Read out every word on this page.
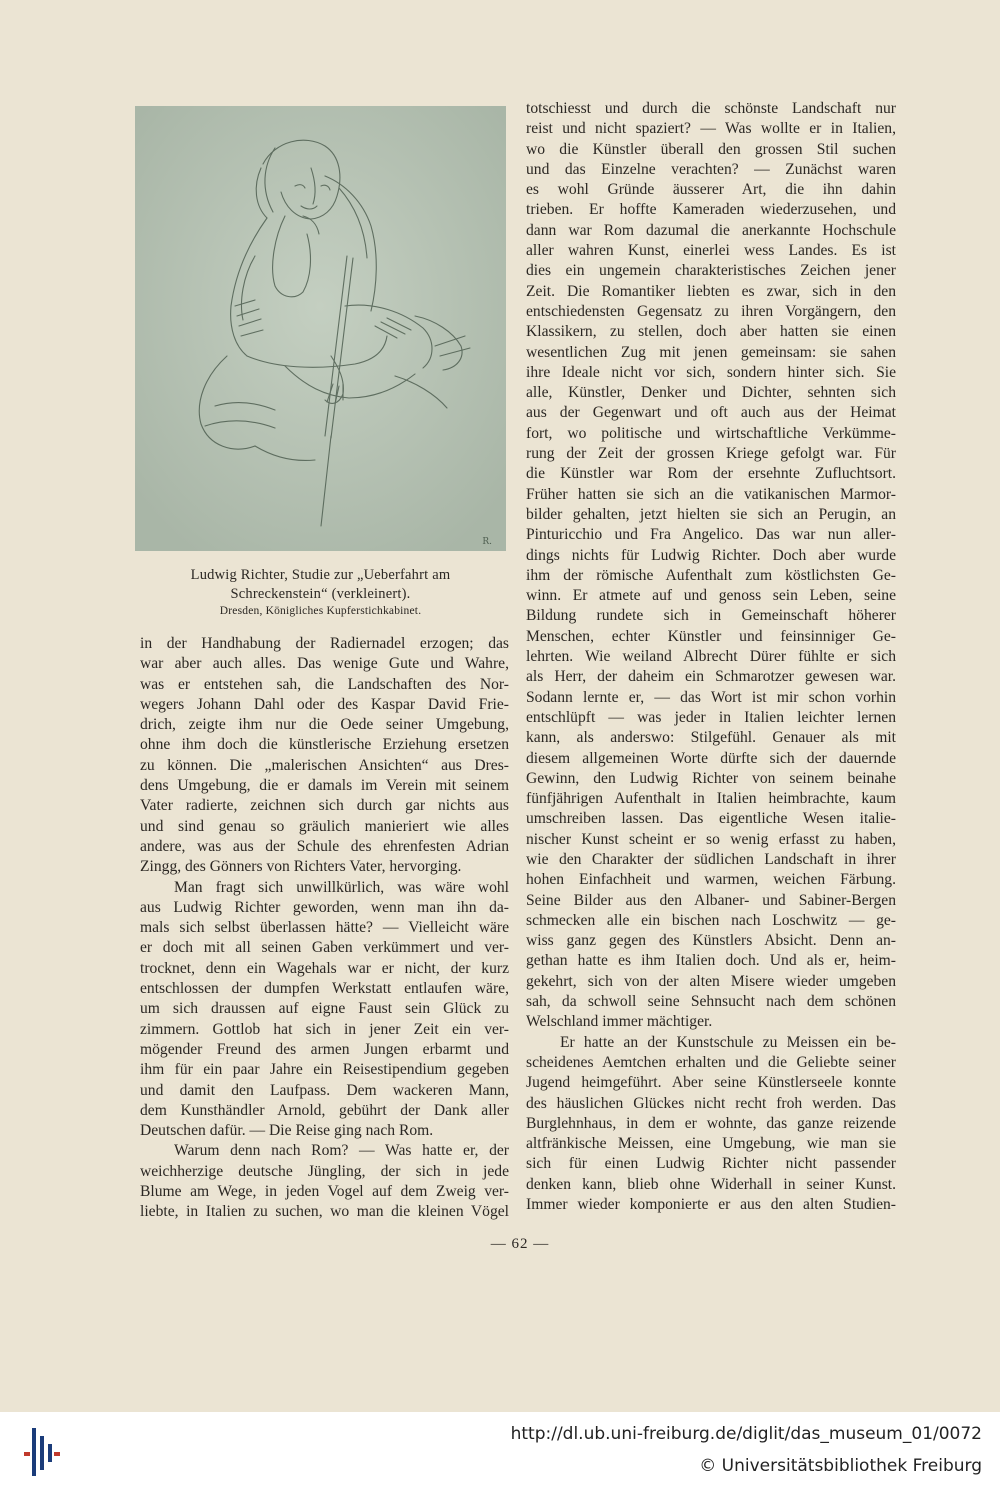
R.
Ludwig Richter, Studie zur „Ueberfahrt am
Schreckenstein“ (verkleinert).
Dresden, Königliches Kupferstichkabinet.
in der Handhabung der Radiernadel erzogen; das
war aber auch alles. Das wenige Gute und Wahre,
was er entstehen sah, die Landschaften des Nor-
wegers Johann Dahl oder des Kaspar David Frie-
drich, zeigte ihm nur die Oede seiner Umgebung,
ohne ihm doch die künstlerische Erziehung ersetzen
zu können. Die „malerischen Ansichten“ aus Dres-
dens Umgebung, die er damals im Verein mit seinem
Vater radierte, zeichnen sich durch gar nichts aus
und sind genau so gräulich manieriert wie alles
andere, was aus der Schule des ehrenfesten Adrian
Zingg, des Gönners von Richters Vater, hervorging.
Man fragt sich unwillkürlich, was wäre wohl
aus Ludwig Richter geworden, wenn man ihn da-
mals sich selbst überlassen hätte? — Vielleicht wäre
er doch mit all seinen Gaben verkümmert und ver-
trocknet, denn ein Wagehals war er nicht, der kurz
entschlossen der dumpfen Werkstatt entlaufen wäre,
um sich draussen auf eigne Faust sein Glück zu
zimmern. Gottlob hat sich in jener Zeit ein ver-
mögender Freund des armen Jungen erbarmt und
ihm für ein paar Jahre ein Reisestipendium gegeben
und damit den Laufpass. Dem wackeren Mann,
dem Kunsthändler Arnold, gebührt der Dank aller
Deutschen dafür. — Die Reise ging nach Rom.
Warum denn nach Rom? — Was hatte er, der
weichherzige deutsche Jüngling, der sich in jede
Blume am Wege, in jeden Vogel auf dem Zweig ver-
liebte, in Italien zu suchen, wo man die kleinen Vögel
totschiesst und durch die schönste Landschaft nur
reist und nicht spaziert? — Was wollte er in Italien,
wo die Künstler überall den grossen Stil suchen
und das Einzelne verachten? — Zunächst waren
es wohl Gründe äusserer Art, die ihn dahin
trieben. Er hoffte Kameraden wiederzusehen, und
dann war Rom dazumal die anerkannte Hochschule
aller wahren Kunst, einerlei wess Landes. Es ist
dies ein ungemein charakteristisches Zeichen jener
Zeit. Die Romantiker liebten es zwar, sich in den
entschiedensten Gegensatz zu ihren Vorgängern, den
Klassikern, zu stellen, doch aber hatten sie einen
wesentlichen Zug mit jenen gemeinsam: sie sahen
ihre Ideale nicht vor sich, sondern hinter sich. Sie
alle, Künstler, Denker und Dichter, sehnten sich
aus der Gegenwart und oft auch aus der Heimat
fort, wo politische und wirtschaftliche Verkümme-
rung der Zeit der grossen Kriege gefolgt war. Für
die Künstler war Rom der ersehnte Zufluchtsort.
Früher hatten sie sich an die vatikanischen Marmor-
bilder gehalten, jetzt hielten sie sich an Perugin, an
Pinturicchio und Fra Angelico. Das war nun aller-
dings nichts für Ludwig Richter. Doch aber wurde
ihm der römische Aufenthalt zum köstlichsten Ge-
winn. Er atmete auf und genoss sein Leben, seine
Bildung rundete sich in Gemeinschaft höherer
Menschen, echter Künstler und feinsinniger Ge-
lehrten. Wie weiland Albrecht Dürer fühlte er sich
als Herr, der daheim ein Schmarotzer gewesen war.
Sodann lernte er, — das Wort ist mir schon vorhin
entschlüpft — was jeder in Italien leichter lernen
kann, als anderswo: Stilgefühl. Genauer als mit
diesem allgemeinen Worte dürfte sich der dauernde
Gewinn, den Ludwig Richter von seinem beinahe
fünfjährigen Aufenthalt in Italien heimbrachte, kaum
umschreiben lassen. Das eigentliche Wesen italie-
nischer Kunst scheint er so wenig erfasst zu haben,
wie den Charakter der südlichen Landschaft in ihrer
hohen Einfachheit und warmen, weichen Färbung.
Seine Bilder aus den Albaner- und Sabiner-Bergen
schmecken alle ein bischen nach Loschwitz — ge-
wiss ganz gegen des Künstlers Absicht. Denn an-
gethan hatte es ihm Italien doch. Und als er, heim-
gekehrt, sich von der alten Misere wieder umgeben
sah, da schwoll seine Sehnsucht nach dem schönen
Welschland immer mächtiger.
Er hatte an der Kunstschule zu Meissen ein be-
scheidenes Aemtchen erhalten und die Geliebte seiner
Jugend heimgeführt. Aber seine Künstlerseele konnte
des häuslichen Glückes nicht recht froh werden. Das
Burglehnhaus, in dem er wohnte, das ganze reizende
altfränkische Meissen, eine Umgebung, wie man sie
sich für einen Ludwig Richter nicht passender
denken kann, blieb ohne Widerhall in seiner Kunst.
Immer wieder komponierte er aus den alten Studien-
— 62 —
http://dl.ub.uni-freiburg.de/diglit/das_museum_01/0072
© Universitätsbibliothek Freiburg
